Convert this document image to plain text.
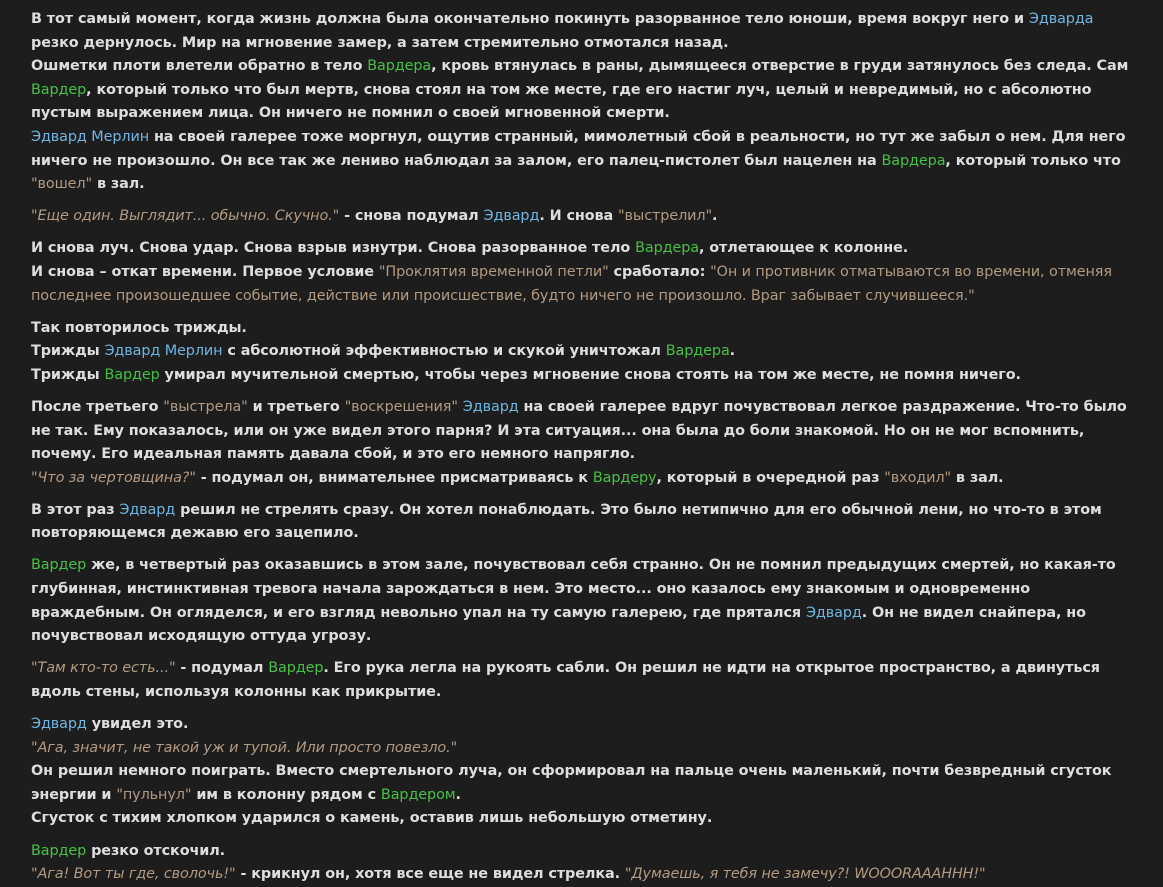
В тот самый момент, когда жизнь должна была окончательно покинуть разорванное тело юноши, время вокруг него и Эдварда резко дернулось. Мир на мгновение замер, а затем стремительно отмотался назад.

Ошметки плоти влетели обратно в тело Вардера, кровь втянулась в раны, дымящееся отверстие в груди затянулось без следа. Сам Вардер, который только что был мертв, снова стоял на том же месте, где его настиг луч, целый и невредимый, но с абсолютно пустым выражением лица. Он ничего не помнил о своей мгновенной смерти.

Эдвард Мерлин на своей галерее тоже моргнул, ощутив странный, мимолетный сбой в реальности, но тут же забыл о нем. Для него ничего не произошло. Он все так же лениво наблюдал за залом, его палец-пистолет был нацелен на Вардера, который только что "вошел" в зал.

"Еще один. Выглядит... обычно. Скучно." - снова подумал Эдвард. И снова "выстрелил".

И снова луч. Снова удар. Снова взрыв изнутри. Снова разорванное тело Вардера, отлетающее к колонне.

И снова – откат времени. Первое условие "Проклятия временной петли" сработало: "Он и противник отматываются во времени, отменяя последнее произошедшее событие, действие или происшествие, будто ничего не произошло. Враг забывает случившееся."

Так повторилось трижды.

Трижды Эдвард Мерлин с абсолютной эффективностью и скукой уничтожал Вардера.

Трижды Вардер умирал мучительной смертью, чтобы через мгновение снова стоять на том же месте, не помня ничего.

После третьего "выстрела" и третьего "воскрешения" Эдвард на своей галерее вдруг почувствовал легкое раздражение. Что-то было не так. Ему показалось, или он уже видел этого парня? И эта ситуация... она была до боли знакомой. Но он не мог вспомнить, почему. Его идеальная память давала сбой, и это его немного напрягло.

"Что за чертовщина?" - подумал он, внимательнее присматриваясь к Вардеру, который в очередной раз "входил" в зал.

В этот раз Эдвард решил не стрелять сразу. Он хотел понаблюдать. Это было нетипично для его обычной лени, но что-то в этом повторяющемся дежавю его зацепило.

Вардер же, в четвертый раз оказавшись в этом зале, почувствовал себя странно. Он не помнил предыдущих смертей, но какая-то глубинная, инстинктивная тревога начала зарождаться в нем. Это место... оно казалось ему знакомым и одновременно враждебным. Он огляделся, и его взгляд невольно упал на ту самую галерею, где прятался Эдвард. Он не видел снайпера, но почувствовал исходящую оттуда угрозу.

"Там кто-то есть..." - подумал Вардер. Его рука легла на рукоять сабли. Он решил не идти на открытое пространство, а двинуться вдоль стены, используя колонны как прикрытие.

Эдвард увидел это.

"Ага, значит, не такой уж и тупой. Или просто повезло."

Он решил немного поиграть. Вместо смертельного луча, он сформировал на пальце очень маленький, почти безвредный сгусток энергии и "пульнул" им в колонну рядом с Вардером.

Сгусток с тихим хлопком ударился о камень, оставив лишь небольшую отметину.

Вардер резко отскочил.

"Ага! Вот ты где, сволочь!" - крикнул он, хотя все еще не видел стрелка. "Думаешь, я тебя не замечу?! WOOORAAAHHH!"
